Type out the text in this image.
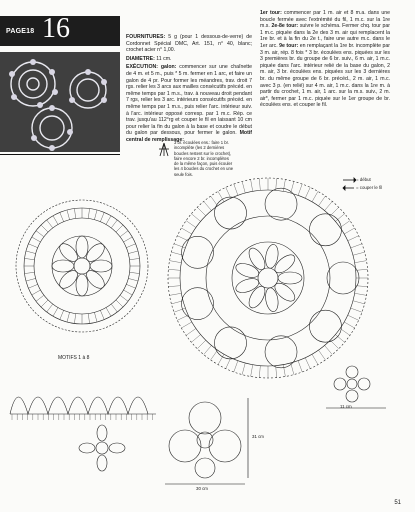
PAGE18 16	FOURNITURES: 5 g (pour 1 dessous-de-verre) de Cordonnet Spécial DMC, Art. 151, n° 40, blanc; crochet acier n° 1,00.

DIAMETRE: 11 cm.

EXÉCUTION: galon: commencer sur une chaînette de 4 m. et 5 m., puis * 5 m. fermer en 1 arc, et faire un galon de 4 pr. Pour former les méandres, trav. droit 7 rgs. relier les 3 arcs aux mailles consécutifs précéd. en même temps par 1 m.s., trav. à nouveau droit pendant 7 rgs, relier les 3 arc. intérieurs consécutifs précéd. en même temps par 1 m.s., puis relier l'arc. intérieur suiv. à l'arc. intérieur opposé corresp. par 1 m.c. Rép. ce trav. jusqu'au 112°rg et couper le fil en laissant 10 cm pour relier la fin du galon à la base et coudre le début du galon par dessous, pour fermer le galon. Motif central de remplissage:

1er tour: commencer par 1 m. air et 8 m.a. dans une boucle fermée avec l'extrémité du fil, 1 m.c. sur la 1re m.s. 2e-8e tour: suivre le schéma. Fermer chq. tour par 1 m.c. piquée dans la 2e des 3 m. air qui remplacent la 1re br. et à la fin du 2e t., faire une autre m.c. dans le 1er arc. 9e tour: en remplaçant la 1re br. incomplète par 3 m. air, rép. 8 fois * 3 br. écoulées ens. piquées sur les 3 premières br. du groupe de 6 br. suiv., 6 m. air, 1 m.c. piquée dans l'arc. intérieur relié de la base du galon, 2 m. air, 3 br. écoulées ens. piquées sur les 3 dernières br. du même groupe de 6 br. précéd., 2 m. air, 1 m.c. avec 3 p. (en relié) sur 4 m. air, 1 m.c. dans la 1re m. à partir du crochet, 1 m. air, 1 arc. sur la m.s. suiv., 2 m. air*, fermer par 1 m.c. piquée sur le 1er groupe de br. écoulées ens. et couper le fil.

3 br. écoulées ens.: faire 1 br. incomplète (les 2 dernières boucles restent sur le crochet), faire encore 2 br. incomplètes de la même façon, puis écouler les 4 boucles du crochet en une seule fois.
= début
= couper le fil
MOTIFS 1 à 8
11 cm
31 cm
30 cm
51
